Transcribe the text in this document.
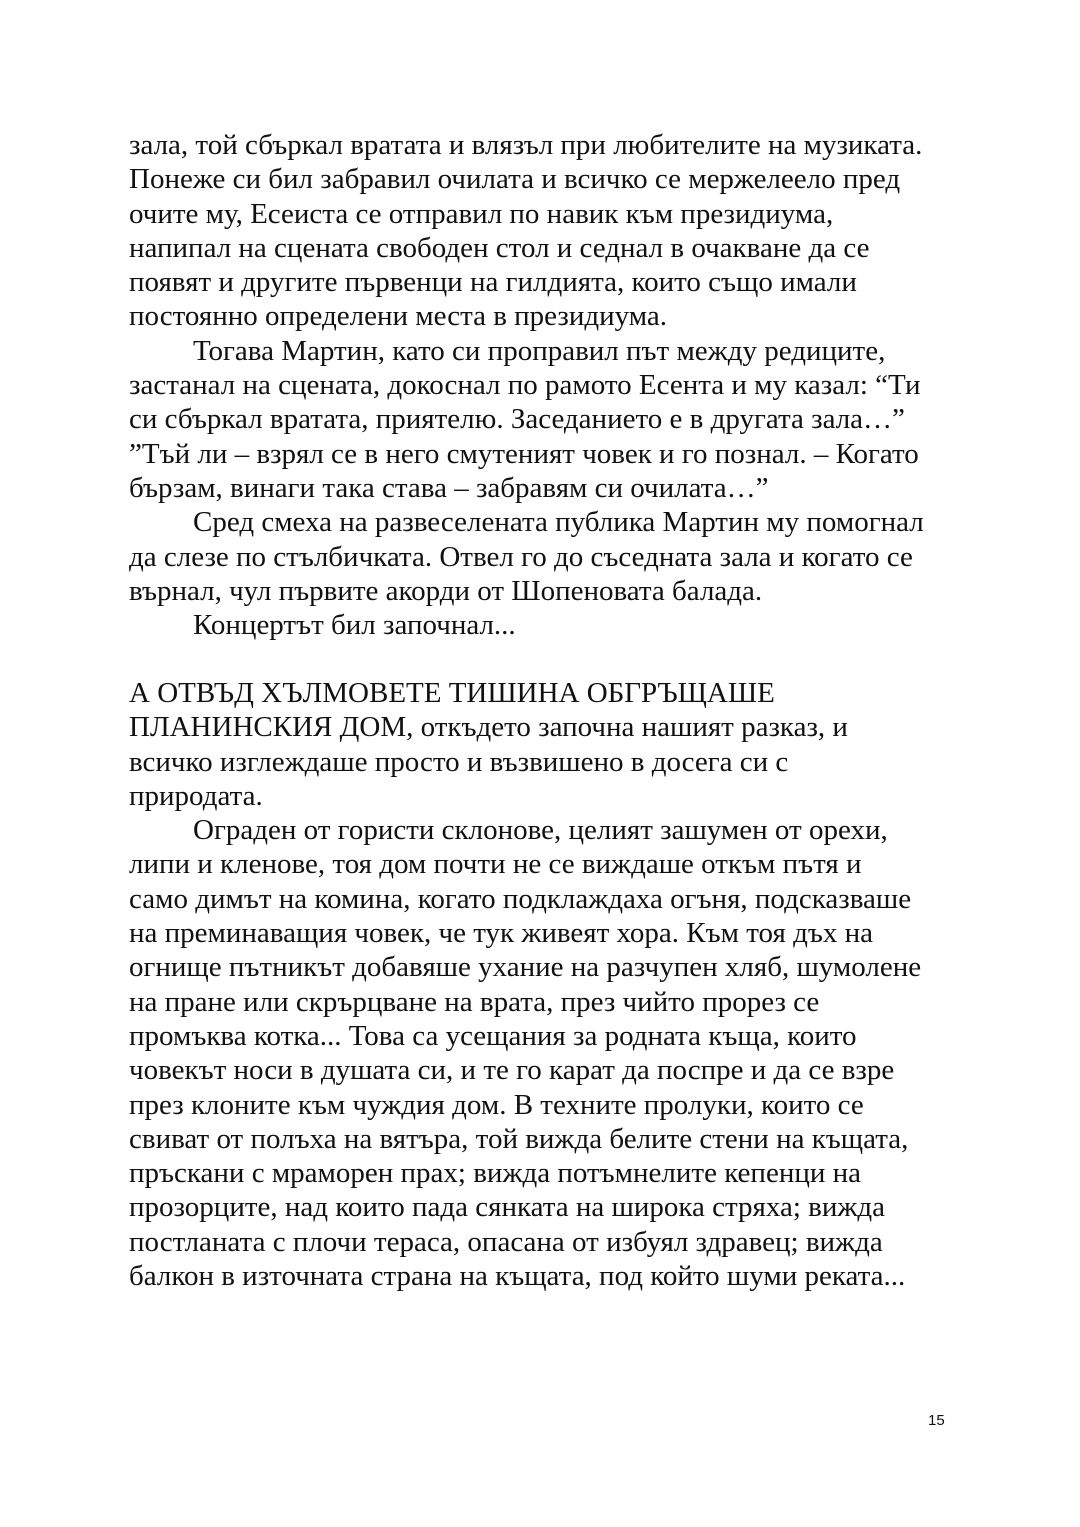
зала, той сбъркал вратата и влязъл при любителите на музиката.
Понеже си бил забравил очилата и всичко се мержелеело пред
очите му, Есеиста се отправил по навик към президиума,
напипал на сцената свободен стол и седнал в очакване да се
появят и другите първенци на гилдията, които също имали
постоянно определени места в президиума.
Тогава Мартин, като си проправил път между редиците,
застанал на сцената, докоснал по рамото Есента и му казал: “Ти
си сбъркал вратата, приятелю. Заседанието е в другата зала…”
”Тъй ли – взрял се в него смутеният човек и го познал. – Когато
бързам, винаги така става – забравям си очилата…”
Сред смеха на развеселената публика Мартин му помогнал
да слезе по стълбичката. Отвел го до съседната зала и когато се
върнал, чул първите акорди от Шопеновата балада.
Концертът бил започнал...
А ОТВЪД ХЪЛМОВЕТЕ ТИШИНА ОБГРЪЩАШЕ
ПЛАНИНСКИЯ ДОМ, откъдето започна нашият разказ, и
всичко изглеждаше просто и възвишено в досега си с
природата.
Ограден от гористи склонове, целият зашумен от орехи,
липи и кленове, тоя дом почти не се виждаше откъм пътя и
само димът на комина, когато подклаждаха огъня, подсказваше
на преминаващия човек, че тук живеят хора. Към тоя дъх на
огнище пътникът добавяше ухание на разчупен хляб, шумолене
на пране или скрърцване на врата, през чийто прорез се
промъква котка... Това са усещания за родната къща, които
човекът носи в душата си, и те го карат да поспре и да се взре
през клоните към чуждия дом. В техните пролуки, които се
свиват от полъха на вятъра, той вижда белите стени на къщата,
пръскани с мраморен прах; вижда потъмнелите кепенци на
прозорците, над които пада сянката на широка стряха; вижда
постланата с плочи тераса, опасана от избуял здравец; вижда
балкон в източната страна на къщата, под който шуми реката...
15
